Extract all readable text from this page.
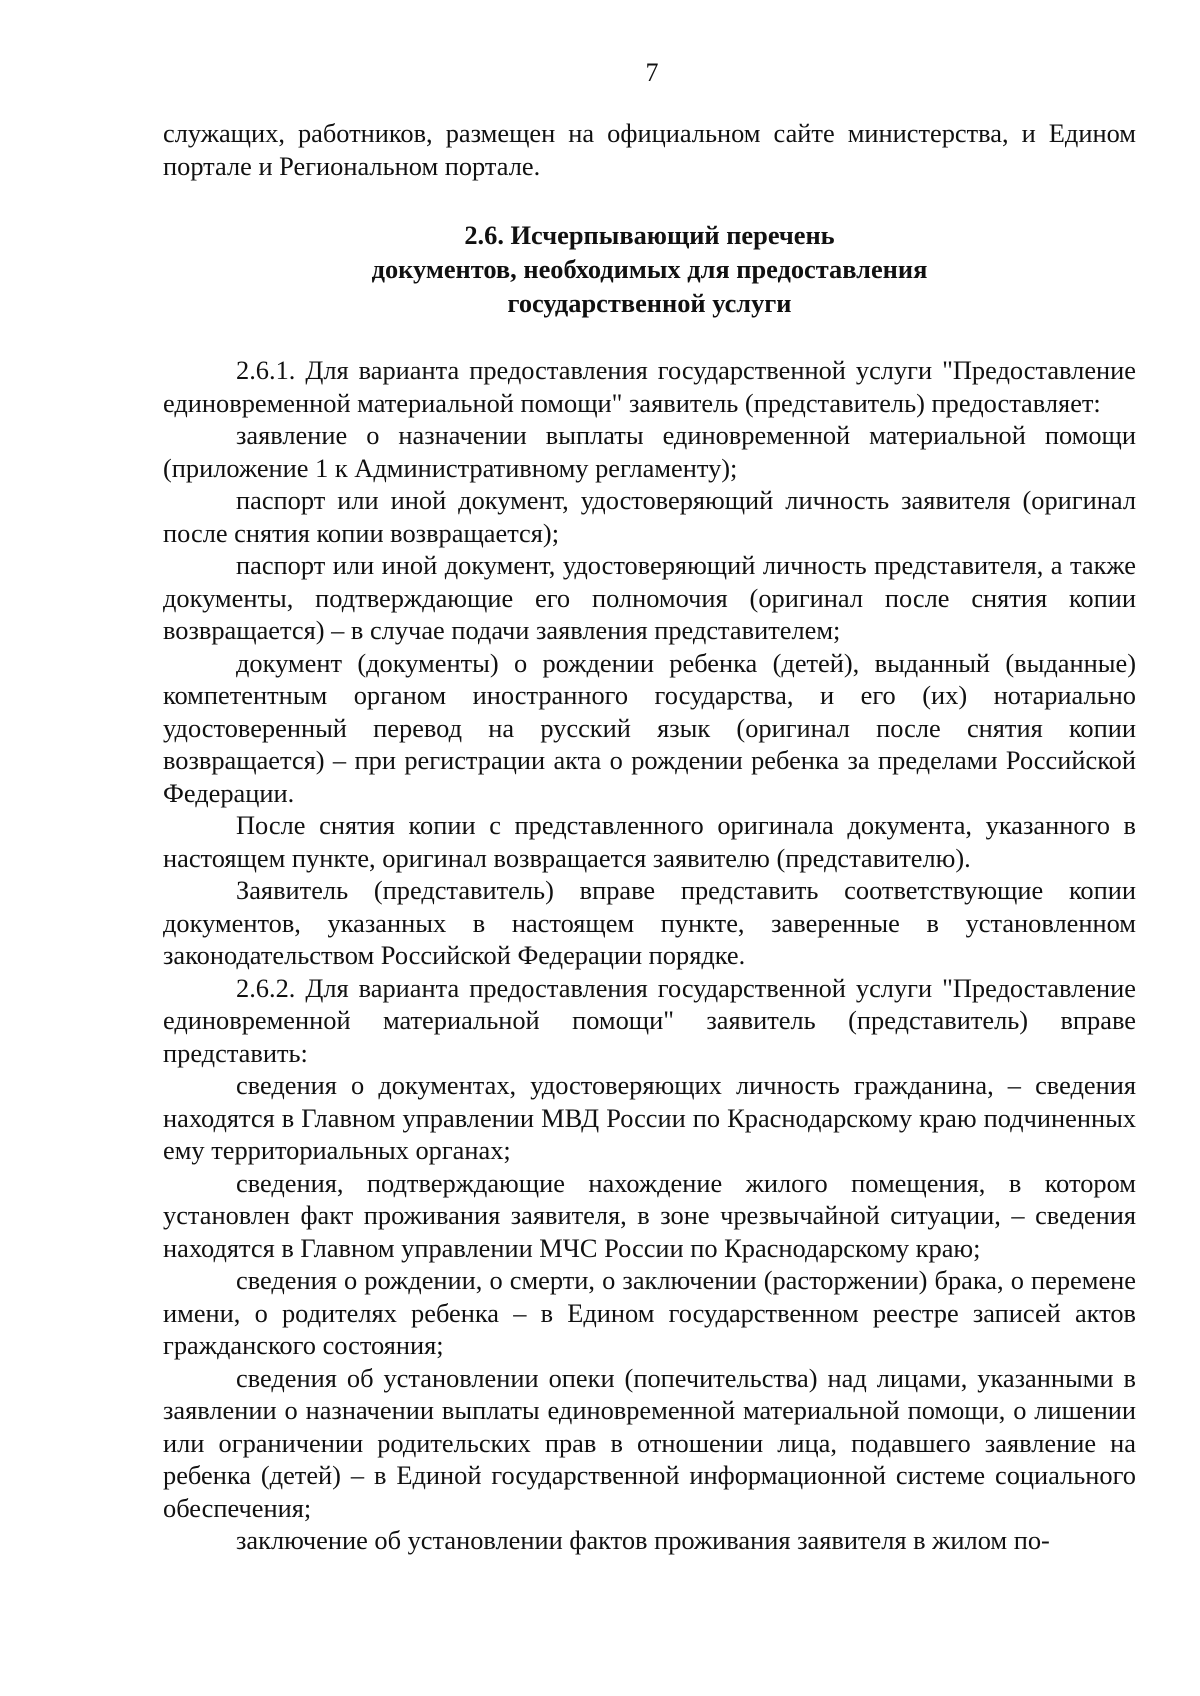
7

служащих, работников, размещен на официальном сайте министерства, и Едином портале и Региональном портале.

2.6. Исчерпывающий перечень
документов, необходимых для предоставления
государственной услуги

2.6.1. Для варианта предоставления государственной услуги "Предоставление единовременной материальной помощи" заявитель (представитель) предоставляет:

заявление о назначении выплаты единовременной материальной помощи (приложение 1 к Административному регламенту);

паспорт или иной документ, удостоверяющий личность заявителя (оригинал после снятия копии возвращается);

паспорт или иной документ, удостоверяющий личность представителя, а также документы, подтверждающие его полномочия (оригинал после снятия копии возвращается) – в случае подачи заявления представителем;

документ (документы) о рождении ребенка (детей), выданный (выданные) компетентным органом иностранного государства, и его (их) нотариально удостоверенный перевод на русский язык (оригинал после снятия копии возвращается) – при регистрации акта о рождении ребенка за пределами Российской Федерации.

После снятия копии с представленного оригинала документа, указанного в настоящем пункте, оригинал возвращается заявителю (представителю).

Заявитель (представитель) вправе представить соответствующие копии документов, указанных в настоящем пункте, заверенные в установленном законодательством Российской Федерации порядке.

2.6.2. Для варианта предоставления государственной услуги "Предоставление единовременной материальной помощи" заявитель (представитель) вправе представить:

сведения о документах, удостоверяющих личность гражданина, – сведения находятся в Главном управлении МВД России по Краснодарскому краю подчиненных ему территориальных органах;

сведения, подтверждающие нахождение жилого помещения, в котором установлен факт проживания заявителя, в зоне чрезвычайной ситуации, – сведения находятся в Главном управлении МЧС России по Краснодарскому краю;

сведения о рождении, о смерти, о заключении (расторжении) брака, о перемене имени, о родителях ребенка – в Едином государственном реестре записей актов гражданского состояния;

сведения об установлении опеки (попечительства) над лицами, указанными в заявлении о назначении выплаты единовременной материальной помощи, о лишении или ограничении родительских прав в отношении лица, подавшего заявление на ребенка (детей) – в Единой государственной информационной системе социального обеспечения;

заключение об установлении фактов проживания заявителя в жилом по-
